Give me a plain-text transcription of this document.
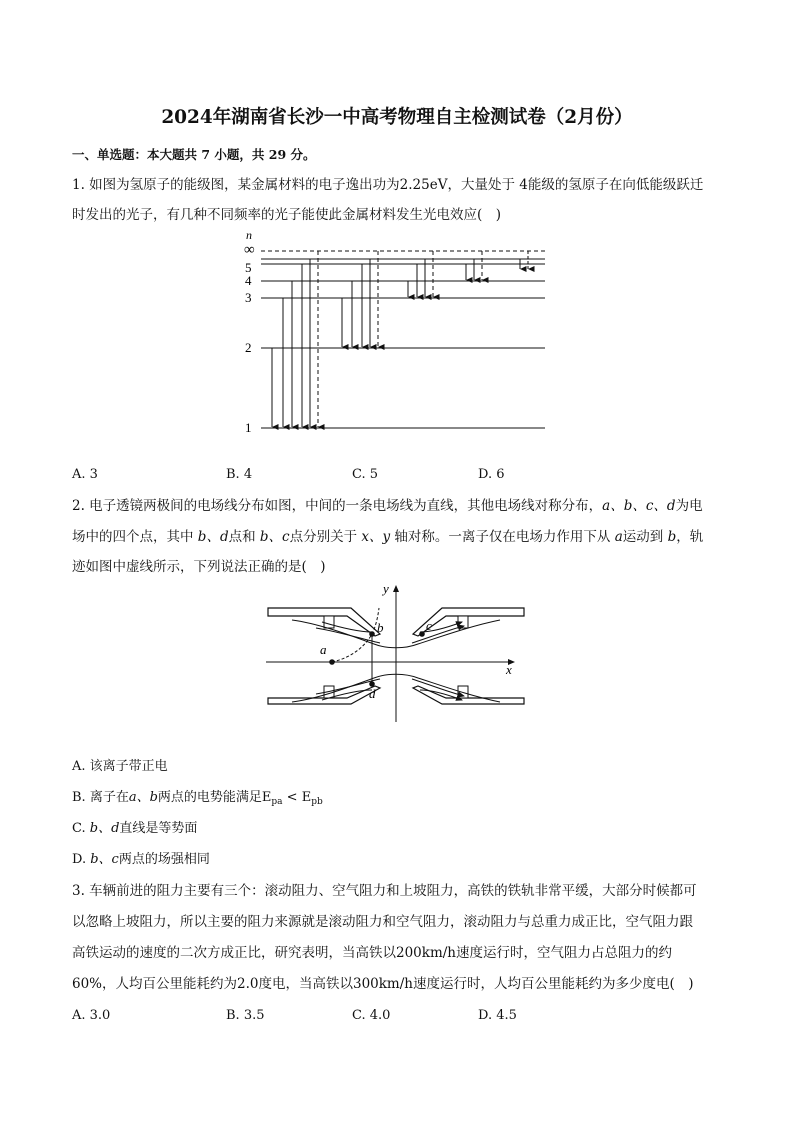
2024年湖南省长沙一中高考物理自主检测试卷（2月份）
一、单选题：本大题共 7 小题，共 29 分。
1. 如图为氢原子的能级图，某金属材料的电子逸出功为2.25eV，大量处于 4能级的氢原子在向低能级跃迁
时发出的光子，有几种不同频率的光子能使此金属材料发生光电效应(　)
n
∞
5
4
3
2
1
A. 3	B. 4	C. 5	D. 6
2. 电子透镜两极间的电场线分布如图，中间的一条电场线为直线，其他电场线对称分布，a、b、c、d为电
场中的四个点，其中 b、d点和 b、c点分别关于 x、y 轴对称。一离子仅在电场力作用下从 a运动到 b，轨
迹如图中虚线所示，下列说法正确的是(　)
y
x
a
b	c
d
A. 该离子带正电
B. 离子在a、b两点的电势能满足$E_{pa} < E_{pb}$
C. b、d直线是等势面
D. b、c两点的场强相同
3. 车辆前进的阻力主要有三个：滚动阻力、空气阻力和上坡阻力，高铁的铁轨非常平缓，大部分时候都可
以忽略上坡阻力，所以主要的阻力来源就是滚动阻力和空气阻力，滚动阻力与总重力成正比，空气阻力跟
高铁运动的速度的二次方成正比，研究表明，当高铁以200km/h速度运行时，空气阻力占总阻力的约
60%，人均百公里能耗约为2.0度电，当高铁以300km/h速度运行时，人均百公里能耗约为多少度电(　)
A. 3.0	B. 3.5	C. 4.0	D. 4.5
